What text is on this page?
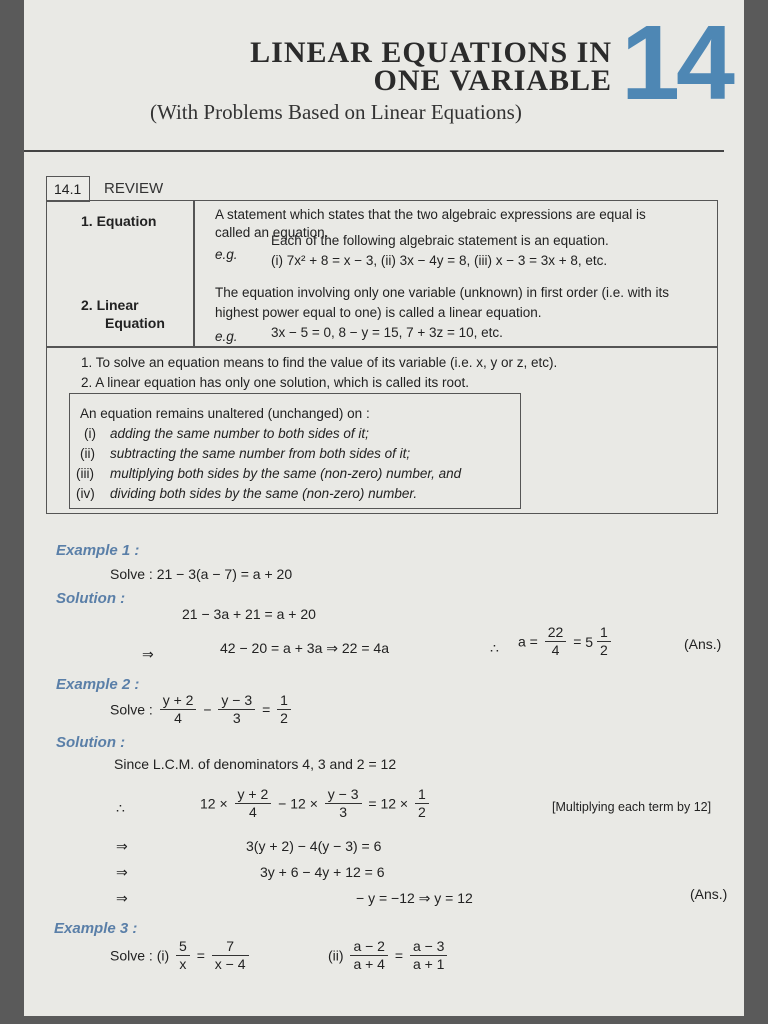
LINEAR EQUATIONS IN
ONE VARIABLE
(With Problems Based on Linear Equations) 14
14.1 REVIEW
1. Equation	A statement which states that the two algebraic expressions are equal is
called an equation.
e.g.
Each of the following algebraic statement is an equation.
(i) 7x² + 8 = x − 3, (ii) 3x − 4y = 8, (iii) x − 3 = 3x + 8, etc.
2. Linear
Equation
The equation involving only one variable (unknown) in first order (i.e. with its
highest power equal to one) is called a linear equation.
e.g. 3x − 5 = 0, 8 − y = 15, 7 + 3z = 10, etc.
1. To solve an equation means to find the value of its variable (i.e. x, y or z, etc).
2. A linear equation has only one solution, which is called its root.
An equation remains unaltered (unchanged) on :
(i) adding the same number to both sides of it;
(ii) subtracting the same number from both sides of it;
(iii) multiplying both sides by the same (non-zero) number, and
(iv) dividing both sides by the same (non-zero) number.
Example 1 :
Solve : 21 − 3(a − 7) = a + 20
Solution :
21 − 3a + 21 = a + 20
⇒	42 − 20 = a + 3a ⇒ 22 = 4a	∴ $a = \frac{22}{4} = 5 \frac{1}{2}$	(Ans.)
Example 2 :
Solve : $\frac{y + 2}{4} - \frac{y - 3}{3} = \frac{1}{2}$
Solution :
Since L.C.M. of denominators 4, 3 and 2 = 12
∴	$12 \times \frac{y + 2}{4} - 12 \times \frac{y - 3}{3} = 12 \times \frac{1}{2}$	[Multiplying each term by 12]
⇒	3(y + 2) − 4(y − 3) = 6
⇒	3y + 6 − 4y + 12 = 6
⇒	− y = −12 ⇒ y = 12	(Ans.)
Example 3 :
Solve : $(i) \frac{5}{x} = \frac{7}{x - 4}$	$(ii) \frac{a - 2}{a + 4} = \frac{a - 3}{a + 1}$
